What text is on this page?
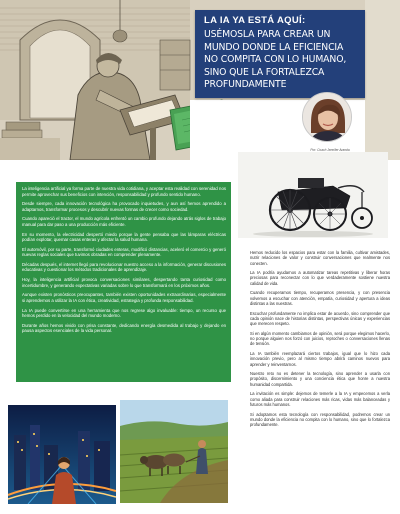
LA IA YA ESTÁ AQUÍ:
USÉMOSLA PARA CREAR UN MUNDO DONDE LA EFICIENCIA NO COMPITA CON LO HUMANO, SINO QUE LA FORTALEZCA PROFUNDAMENTE
Por: Coach Jennifer Aranda

La inteligencia artificial ya forma parte de nuestra vida cotidiana, y aceptar esta realidad con serenidad nos permite aprovechar sus beneficios con intención, responsabilidad y profundo sentido humano.

Desde siempre, cada innovación tecnológica ha provocado inquietudes, y aun así hemos aprendido a adaptarnos, transformar procesos y descubrir nuevas formas de crecer como sociedad.

Cuando apareció el tractor, el mundo agrícola enfrentó un cambio profundo dejando atrás siglos de trabajo manual para dar paso a una producción más eficiente.

En su momento, la electricidad despertó miedo porque la gente pensaba que las lámparas eléctricas podían explotar, quemar casas enteras y afectar la salud humana.

El automóvil, por su parte, transformó ciudades enteras, modificó distancias, aceleró el comercio y generó nuevas reglas sociales que tuvimos obradas en comprender plenamente.

Décadas después, el internet llegó para revolucionar nuestro acceso a la información, generar discusiones educativas y cuestionar los métodos tradicionales de aprendizaje.

Hoy, la inteligencia artificial provoca conversaciones similares, despertando tanta curiosidad como incertidumbre, y generando expectativas variadas sobre lo que transformará en los próximos años.

Aunque existen pronósticos preocupantes, también existen oportunidades extraordinarias, especialmente si aprendemos a utilizar la IA con ética, creatividad, estrategia y profunda responsabilidad.

La IA puede convertirse en una herramienta que nos regrese algo invaluable: tiempo, un recurso que hemos perdido en la velocidad del mundo moderno.

Durante años hemos vivido con prisa constante, dedicando energía desmedida al trabajo y dejando en pausa aspectos esenciales de la vida personal.

Hemos reducido los espacios para estar con la familia, cultivar amistades, nutrir relaciones de valor y construir conversaciones que realmente nos conecten.

La IA podría ayudarnos a automatizar tareas repetitivas y liberar horas preciosas para reconectar con lo que verdaderamente sostiene nuestra calidad de vida.

Cuando recuperamos tiempo, recuperamos presencia, y con presencia volvemos a escuchar con atención, empatía, curiosidad y apertura a ideas distintas a las nuestras.

Escuchar profundamente no implica estar de acuerdo, sino comprender que cada opinión nace de historias distintas, perspectivas únicas y experiencias que merecen respeto.

Si en algún momento cambiamos de opinión, será porque elegimos hacerlo, no porque alguien nos forzó con juicios, reproches o conversaciones llenas de tensión.

La IA también reemplazará ciertos trabajos, igual que lo hizo cada innovación previo, pero al mismo tiempo abrirá caminos nuevos para aprender y reinventarnos.

Nuestro reto no es detener la tecnología, sino aprender a usarla con propósito, discernimiento y una conciencia ética que honre a nuestra humanidad compartida.

La invitación es simple: dejemos de temerle a la IA y empecemos a verla como aliada para construir relaciones más ricas, vidas más balanceadas y futuros más humanos.

Si adoptamos esta tecnología con responsabilidad, podremos crear un mundo donde la eficiencia no compita con lo humano, sino que lo fortalezca profundamente.
